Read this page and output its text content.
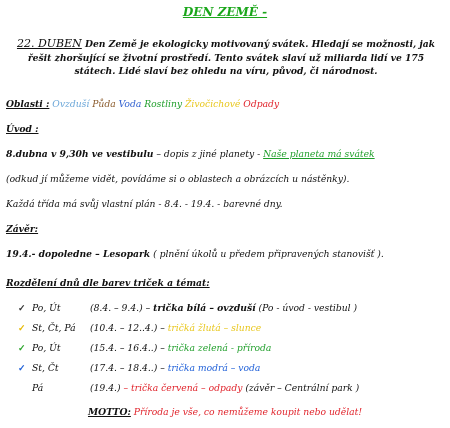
DEN ZEMĚ -
22. DUBEN Den Země je ekologicky motivovaný svátek. Hledají se možnosti, jak řešit zhoršující se životní prostředí. Tento svátek slaví už miliarda lidí ve 175 státech. Lidé slaví bez ohledu na víru, původ, či národnost.
Oblasti : Ovzduší Půda Voda Rostliny Živočichové Odpady
Úvod :
8.dubna v 9,30h ve vestibulu – dopis z jiné planety - Naše planeta má svátek
(odkud jí můžeme vidět, povídáme si o oblastech a obrázcích u nástěnky).
Každá třída má svůj vlastní plán - 8.4. - 19.4. - barevné dny.
Závěr:
19.4.- dopoledne – Lesopark ( plnění úkolů u předem připravených stanovišť ).
Rozdělení dnů dle barev triček a témat:
✓ Po, Út	(8.4. – 9.4.) – trička bílá – ovzduší (Po - úvod - vestibul )
✓ St, Čt, Pá (10.4. – 12..4.) – tričká žlutá – slunce
✓ Po, Út	(15.4. – 16.4..) – trička zelená - příroda
✓ St, Čt	(17.4. – 18.4..) – trička modrá – voda
Pá	(19.4.) – trička červená – odpady (závěr – Centrální park )
MOTTO: Příroda je vše, co nemůžeme koupit nebo udělat!
